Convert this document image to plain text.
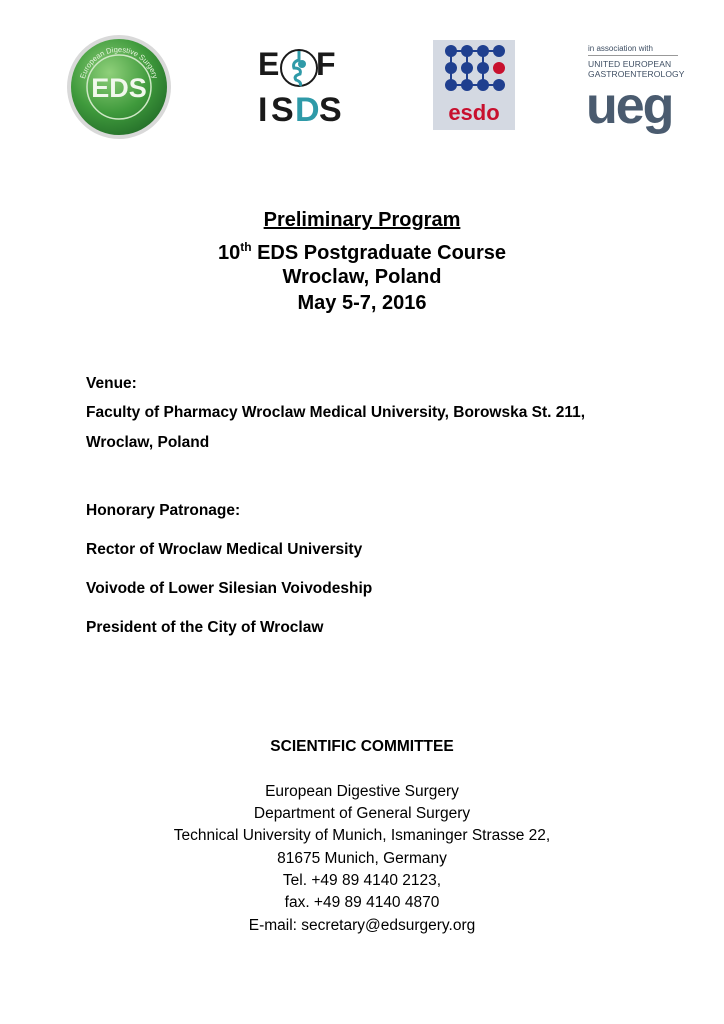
European Digestive Surgery
EDS
E F
I S D S	esdo
in association with
UNITED EUROPEAN
GASTROENTEROLOGY
ueg
Preliminary Program
10th EDS Postgraduate Course
Wroclaw, Poland
May 5-7, 2016
Venue:
Faculty of Pharmacy Wroclaw Medical University, Borowska St. 211,
Wroclaw, Poland
Honorary Patronage:
Rector of Wroclaw Medical University
Voivode of Lower Silesian Voivodeship
President of the City of Wroclaw
SCIENTIFIC COMMITTEE
European Digestive Surgery
Department of General Surgery
Technical University of Munich, Ismaninger Strasse 22,
81675 Munich, Germany
Tel. +49 89 4140 2123,
fax. +49 89 4140 4870
E-mail: secretary@edsurgery.org
